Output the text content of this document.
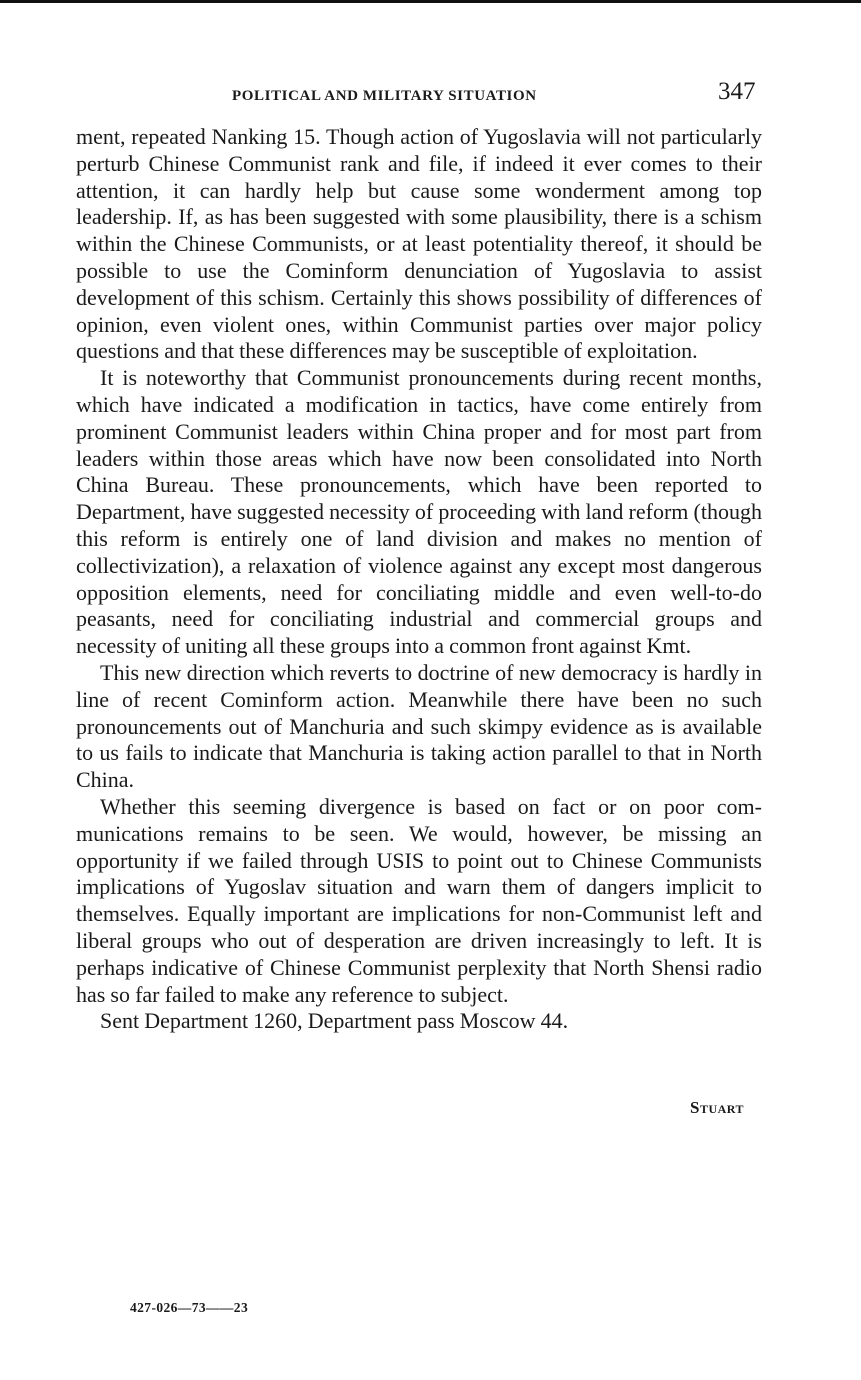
POLITICAL AND MILITARY SITUATION	347

ment, repeated Nanking 15. Though action of Yugoslavia will not particularly perturb Chinese Communist rank and file, if indeed it ever comes to their attention, it can hardly help but cause some wonderment among top leadership. If, as has been suggested with some plausibility, there is a schism within the Chinese Communists, or at least potentiality thereof, it should be possible to use the Cominform denunciation of Yugoslavia to assist development of this schism. Certainly this shows possibility of differences of opinion, even violent ones, within Communist parties over major policy questions and that these differences may be susceptible of exploitation.

It is noteworthy that Communist pronouncements during recent months, which have indicated a modification in tactics, have come entirely from prominent Communist leaders within China proper and for most part from leaders within those areas which have now been consolidated into North China Bureau. These pronouncements, which have been reported to Department, have suggested necessity of proceeding with land reform (though this reform is entirely one of land division and makes no mention of collectivization), a relaxation of violence against any except most dangerous opposition elements, need for conciliating middle and even well-to-do peasants, need for conciliating industrial and commercial groups and necessity of uniting all these groups into a common front against Kmt.

This new direction which reverts to doctrine of new democracy is hardly in line of recent Cominform action. Meanwhile there have been no such pronouncements out of Manchuria and such skimpy evidence as is available to us fails to indicate that Manchuria is taking action parallel to that in North China.

Whether this seeming divergence is based on fact or on poor communications remains to be seen. We would, however, be missing an opportunity if we failed through USIS to point out to Chinese Communists implications of Yugoslav situation and warn them of dangers implicit to themselves. Equally important are implications for non-Communist left and liberal groups who out of desperation are driven increasingly to left. It is perhaps indicative of Chinese Communist perplexity that North Shensi radio has so far failed to make any reference to subject.

Sent Department 1260, Department pass Moscow 44.

Stuart
427-026—73——23
